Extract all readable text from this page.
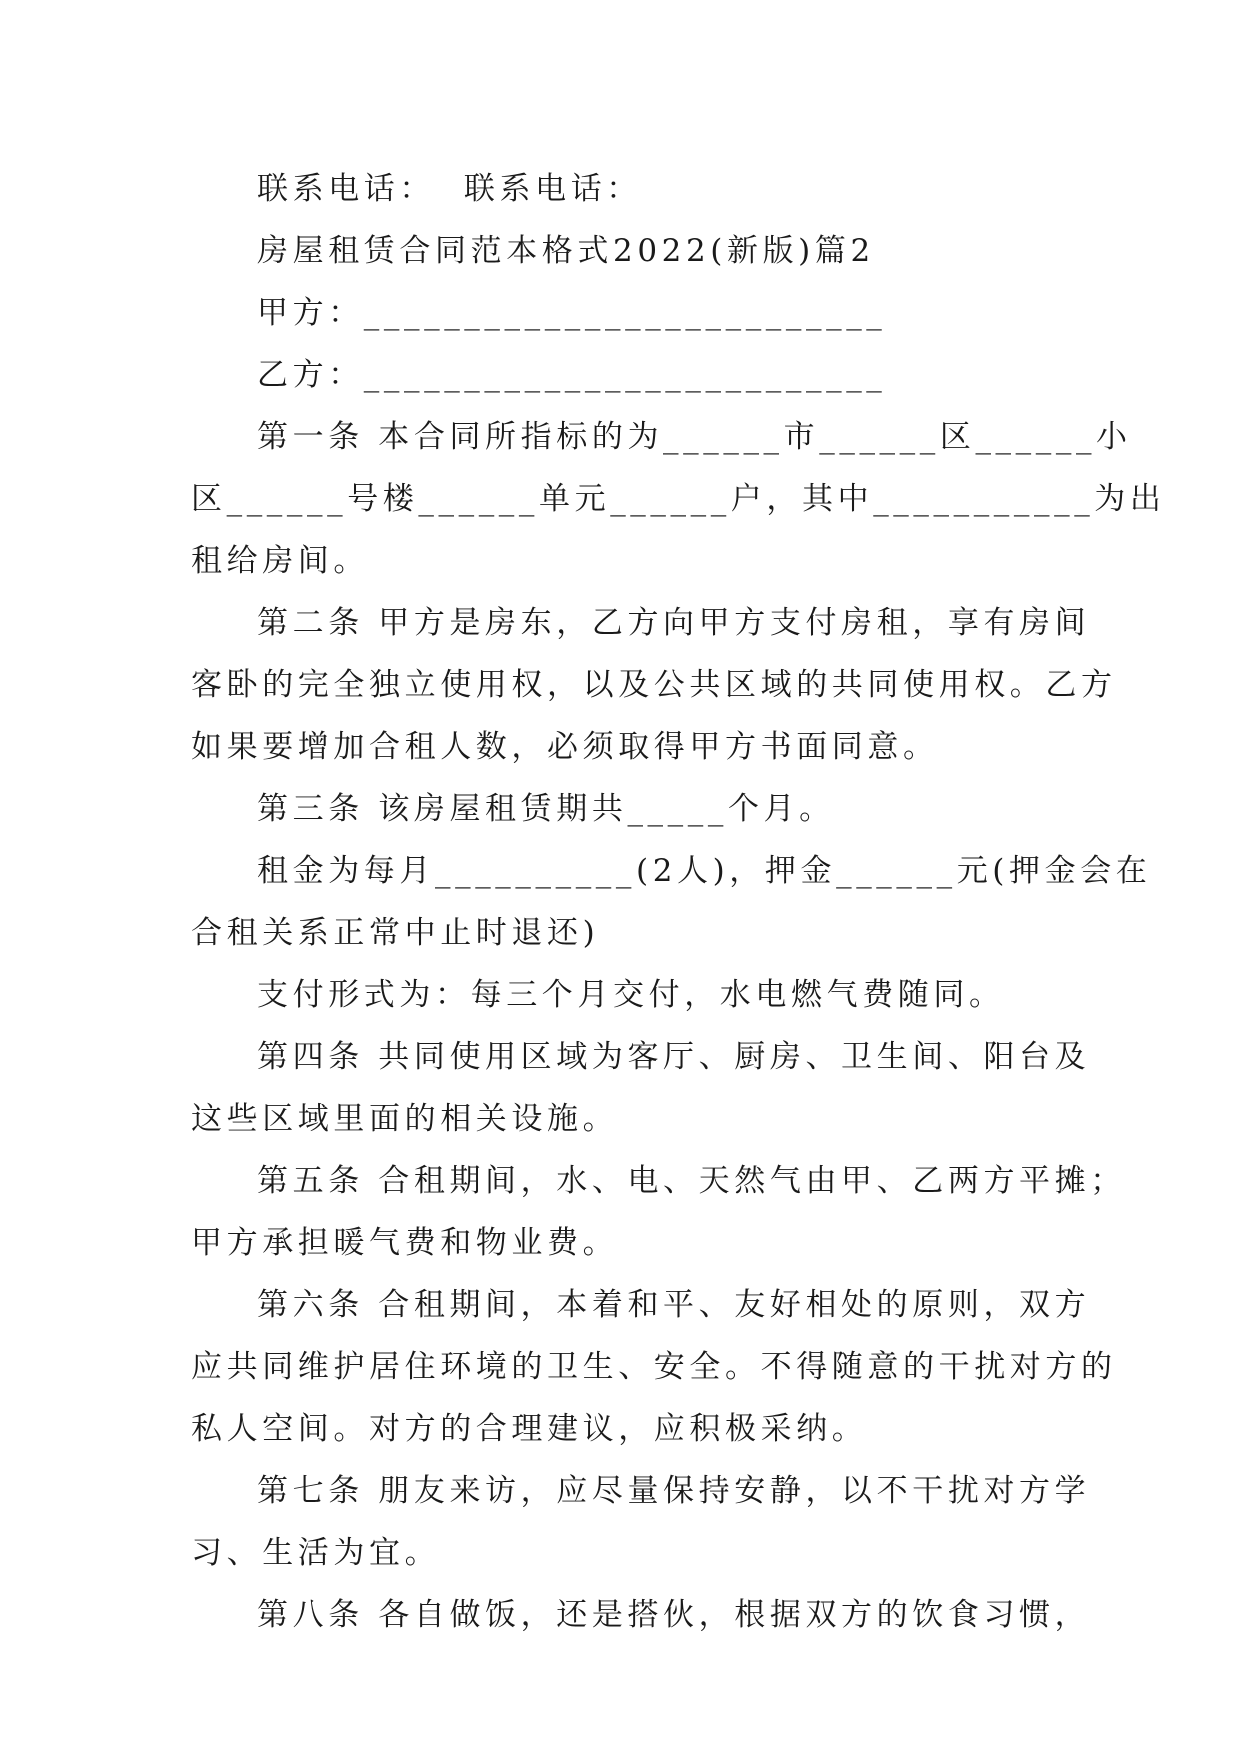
联系电话：  联系电话：

房屋租赁合同范本格式2022(新版)篇2

甲方：__________________________

乙方：__________________________

第一条 本合同所指标的为______市______区______小

区______号楼______单元______户，其中___________为出

租给房间。

第二条 甲方是房东，乙方向甲方支付房租，享有房间

客卧的完全独立使用权，以及公共区域的共同使用权。乙方

如果要增加合租人数，必须取得甲方书面同意。

第三条 该房屋租赁期共_____个月。

租金为每月__________(2人)，押金______元(押金会在

合租关系正常中止时退还)

支付形式为：每三个月交付，水电燃气费随同。

第四条 共同使用区域为客厅、厨房、卫生间、阳台及

这些区域里面的相关设施。

第五条 合租期间，水、电、天然气由甲、乙两方平摊；

甲方承担暖气费和物业费。

第六条 合租期间，本着和平、友好相处的原则，双方

应共同维护居住环境的卫生、安全。不得随意的干扰对方的

私人空间。对方的合理建议，应积极采纳。

第七条 朋友来访，应尽量保持安静，以不干扰对方学

习、生活为宜。

第八条 各自做饭，还是搭伙，根据双方的饮食习惯，
